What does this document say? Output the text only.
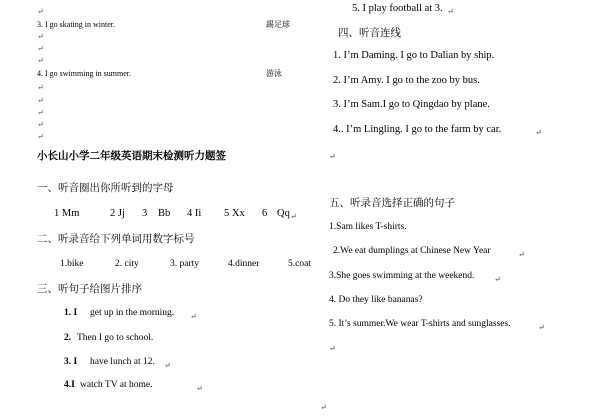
↵
3. I go skating in winter.	踢足球
↵
↵
↵
4. I go swimming in summer.	游泳
↵
↵
↵
↵
↵
小长山小学二年级英语期末检测听力题签
一、听音圈出你所听到的字母
1 Mm	2 Jj 3 Bb 4 Ii 5 Xx 6 Qq ↵
二、听录音给下列单词用数字标号
1.bike	2. city	3. party	4.dinner	5.coat
三、听句子给图片排序
1. I get up in the morning. ↵
2. Then I go to school.
3. I have lunch at 12. ↵
4.I watch TV at home.	↵
5. I play football at 3. ↵
四、听音连线
1. I’m Daming. I go to Dalian by ship.
2. I’m Amy. I go to the zoo by bus.
3. I’m Sam.I go to Qingdao by plane.
4.. I’m Lingling. I go to the farm by car.	↵
↵
五、听录音选择正确的句子
1.Sam likes T-shirts.
2.We eat dumplings at Chinese New Year	↵
3.She goes swimming at the weekend. ↵
4. Do they like bananas?
5. It’s summer.We wear T-shirts and sunglasses.	↵
↵
↵
